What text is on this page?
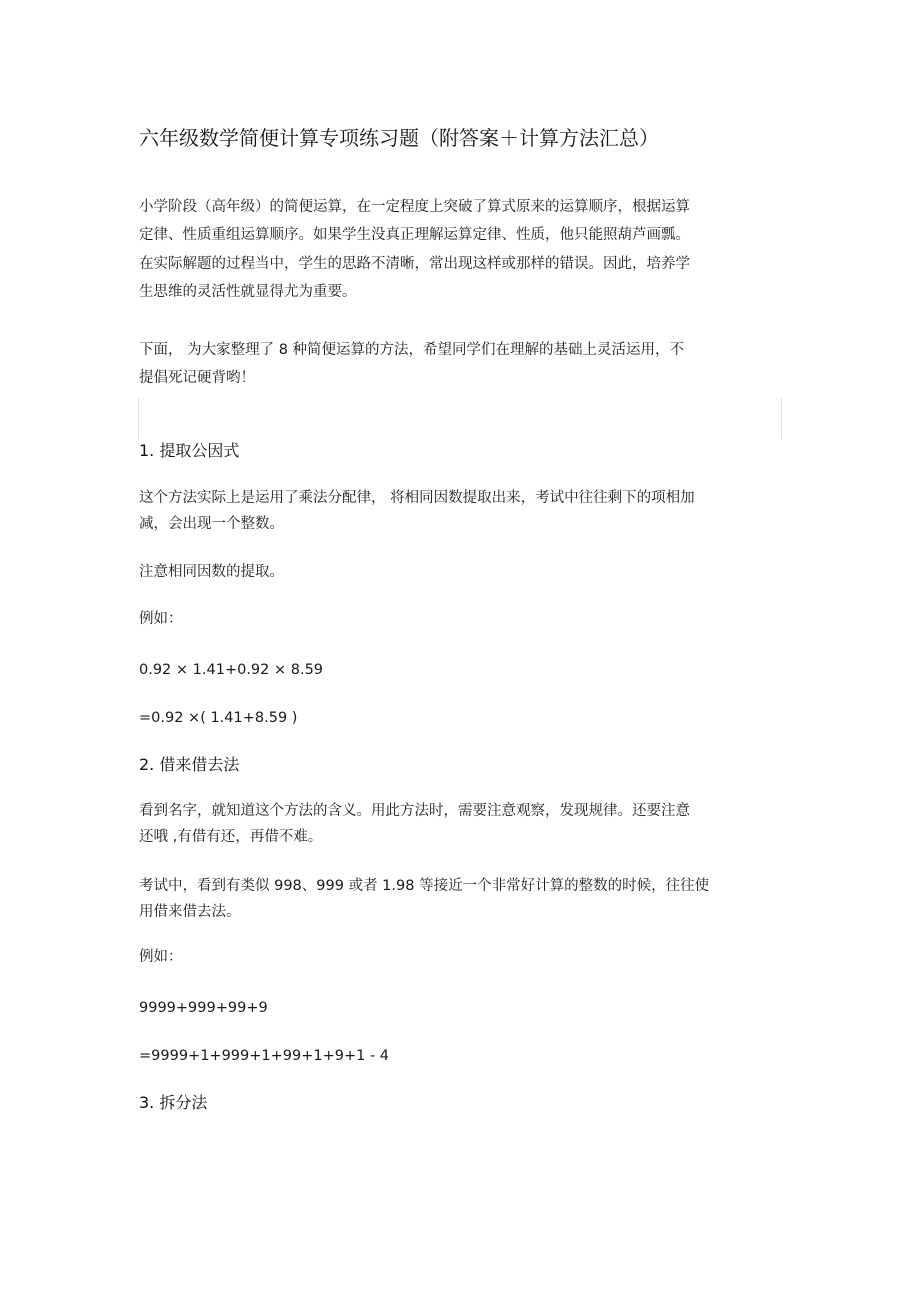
六年级数学简便计算专项练习题（附答案＋计算方法汇总）
小学阶段（高年级）的简便运算，在一定程度上突破了算式原来的运算顺序，根据运算
定律、性质重组运算顺序。如果学生没真正理解运算定律、性质，他只能照葫芦画瓢。
在实际解题的过程当中，学生的思路不清晰，常出现这样或那样的错误。因此，培养学
生思维的灵活性就显得尤为重要。
下面， 为大家整理了 8 种简便运算的方法，希望同学们在理解的基础上灵活运用，不
提倡死记硬背哟！
1. 提取公因式
这个方法实际上是运用了乘法分配律， 将相同因数提取出来，考试中往往剩下的项相加
减，会出现一个整数。
注意相同因数的提取。
例如：
0.92 × 1.41+0.92 × 8.59
=0.92 ×( 1.41+8.59 )
2. 借来借去法
看到名字，就知道这个方法的含义。用此方法时，需要注意观察，发现规律。还要注意
还哦 ,有借有还，再借不难。
考试中，看到有类似 998、999 或者 1.98 等接近一个非常好计算的整数的时候，往往使
用借来借去法。
例如：
9999+999+99+9
=9999+1+999+1+99+1+9+1 - 4
3. 拆分法
